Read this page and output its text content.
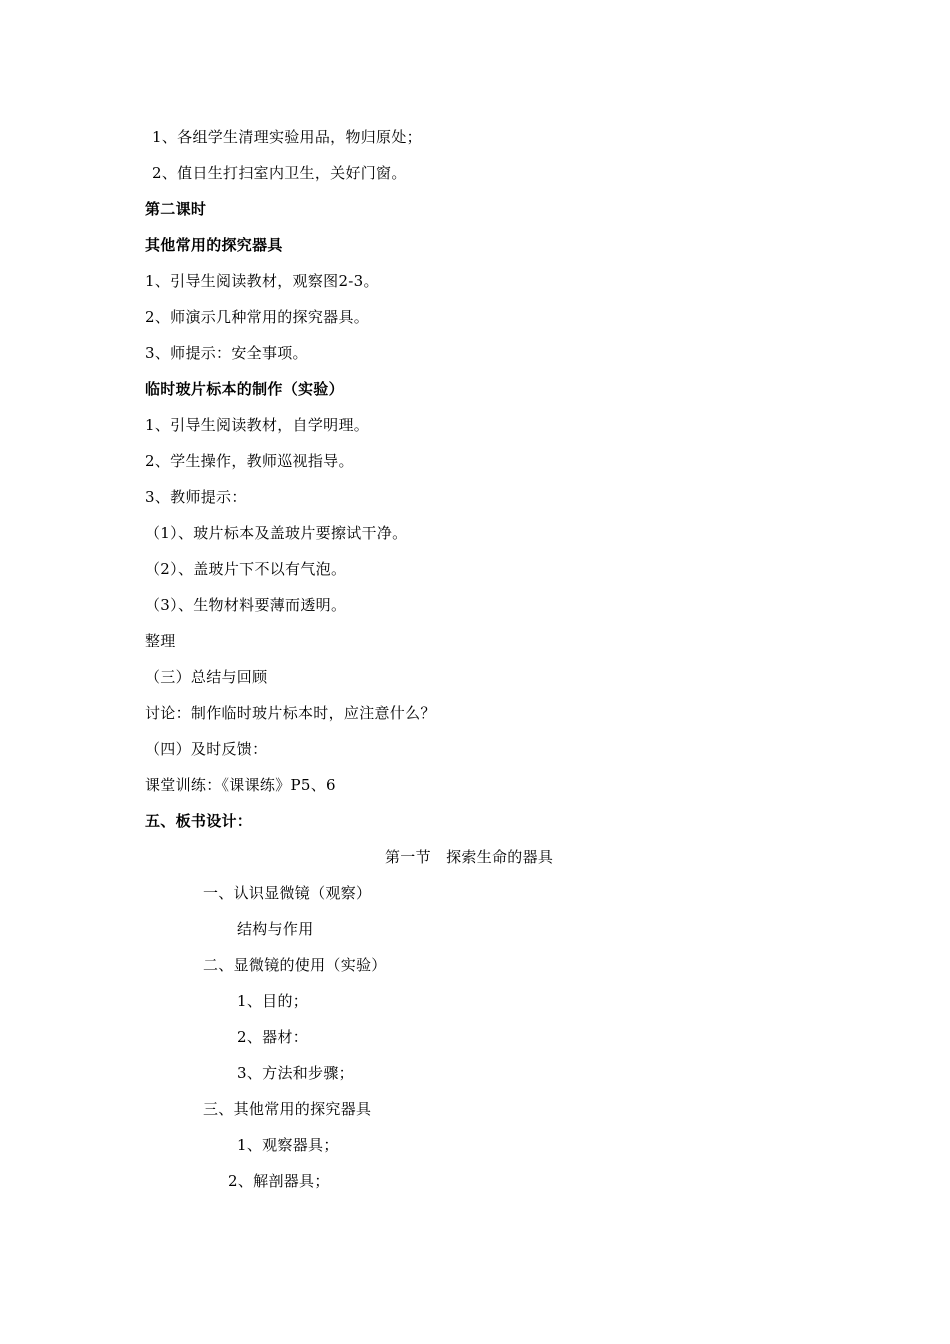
1、各组学生清理实验用品，物归原处；
2、值日生打扫室内卫生，关好门窗。
第二课时
其他常用的探究器具
1、引导生阅读教材，观察图2-3。
2、师演示几种常用的探究器具。
3、师提示：安全事项。
临时玻片标本的制作（实验）
1、引导生阅读教材，自学明理。
2、学生操作，教师巡视指导。
3、教师提示：
（1）、玻片标本及盖玻片要擦试干净。
（2）、盖玻片下不以有气泡。
（3）、生物材料要薄而透明。
整理
（三）总结与回顾
讨论：制作临时玻片标本时，应注意什么？
（四）及时反馈：
课堂训练：《课课练》P5、6
五、板书设计：
第一节   探索生命的器具
一、认识显微镜（观察）
结构与作用
二、显微镜的使用（实验）
1、目的；
2、器材：
3、方法和步骤；
三、其他常用的探究器具
1、观察器具；
2、解剖器具；
